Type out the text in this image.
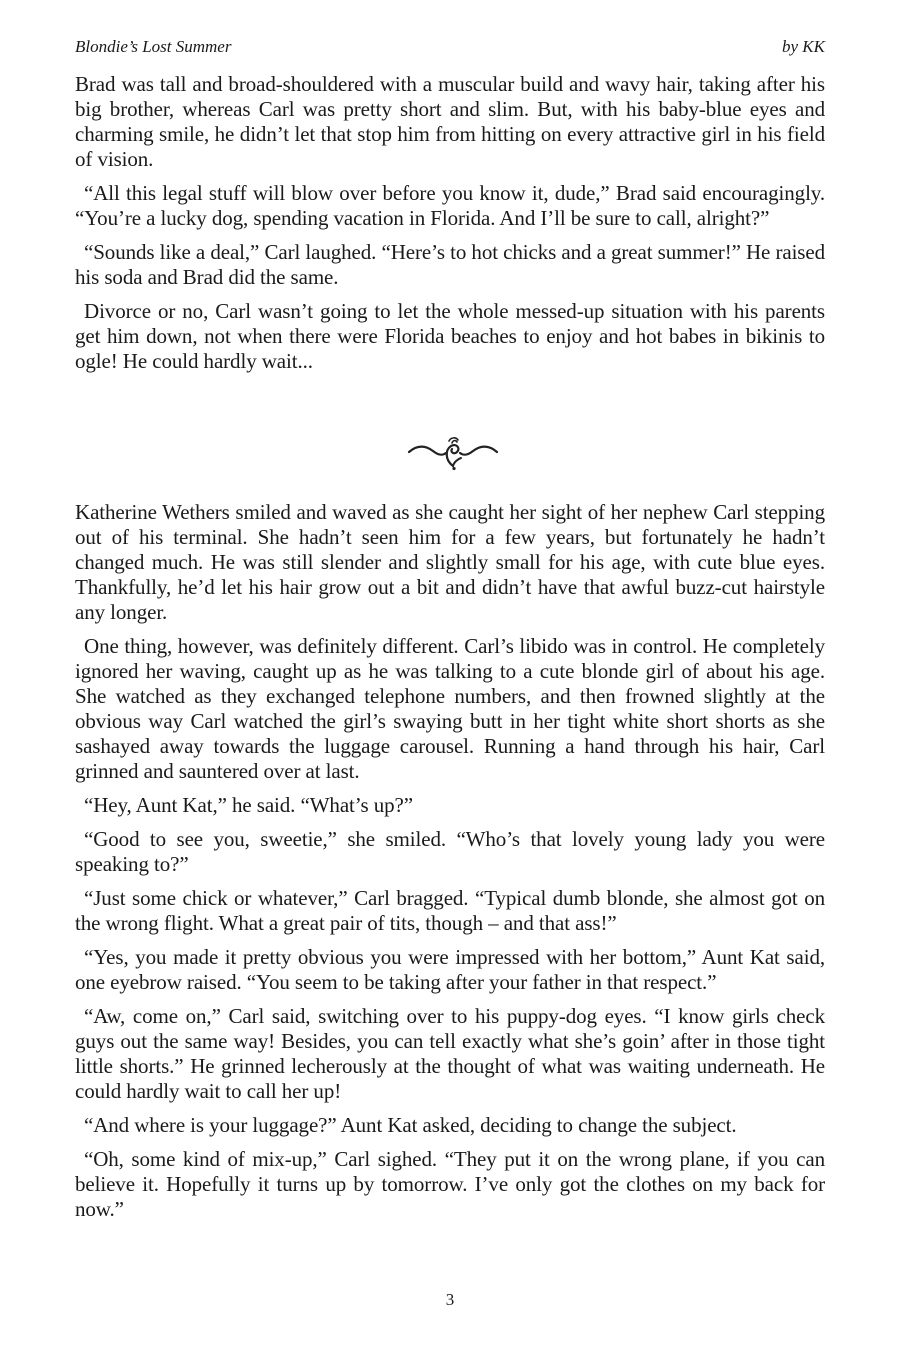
Blondie’s Lost Summer	by KK

Brad was tall and broad-shouldered with a muscular build and wavy hair, taking after his big brother, whereas Carl was pretty short and slim. But, with his baby-blue eyes and charming smile, he didn’t let that stop him from hitting on every attractive girl in his field of vision.

“All this legal stuff will blow over before you know it, dude,” Brad said encouragingly. “You’re a lucky dog, spending vacation in Florida. And I’ll be sure to call, alright?”

“Sounds like a deal,” Carl laughed. “Here’s to hot chicks and a great summer!” He raised his soda and Brad did the same.

Divorce or no, Carl wasn’t going to let the whole messed-up situation with his parents get him down, not when there were Florida beaches to enjoy and hot babes in bikinis to ogle! He could hardly wait...

Katherine Wethers smiled and waved as she caught her sight of her nephew Carl stepping out of his terminal. She hadn’t seen him for a few years, but fortunately he hadn’t changed much. He was still slender and slightly small for his age, with cute blue eyes. Thankfully, he’d let his hair grow out a bit and didn’t have that awful buzz-cut hairstyle any longer.

One thing, however, was definitely different. Carl’s libido was in control. He completely ignored her waving, caught up as he was talking to a cute blonde girl of about his age. She watched as they exchanged telephone numbers, and then frowned slightly at the obvious way Carl watched the girl’s swaying butt in her tight white short shorts as she sashayed away towards the luggage carousel. Running a hand through his hair, Carl grinned and sauntered over at last.

“Hey, Aunt Kat,” he said. “What’s up?”

“Good to see you, sweetie,” she smiled. “Who’s that lovely young lady you were speaking to?”

“Just some chick or whatever,” Carl bragged. “Typical dumb blonde, she almost got on the wrong flight. What a great pair of tits, though – and that ass!”

“Yes, you made it pretty obvious you were impressed with her bottom,” Aunt Kat said, one eyebrow raised. “You seem to be taking after your father in that respect.”

“Aw, come on,” Carl said, switching over to his puppy-dog eyes. “I know girls check guys out the same way! Besides, you can tell exactly what she’s goin’ after in those tight little shorts.” He grinned lecherously at the thought of what was waiting underneath. He could hardly wait to call her up!

“And where is your luggage?” Aunt Kat asked, deciding to change the subject.

“Oh, some kind of mix-up,” Carl sighed. “They put it on the wrong plane, if you can believe it. Hopefully it turns up by tomorrow. I’ve only got the clothes on my back for now.”

3
